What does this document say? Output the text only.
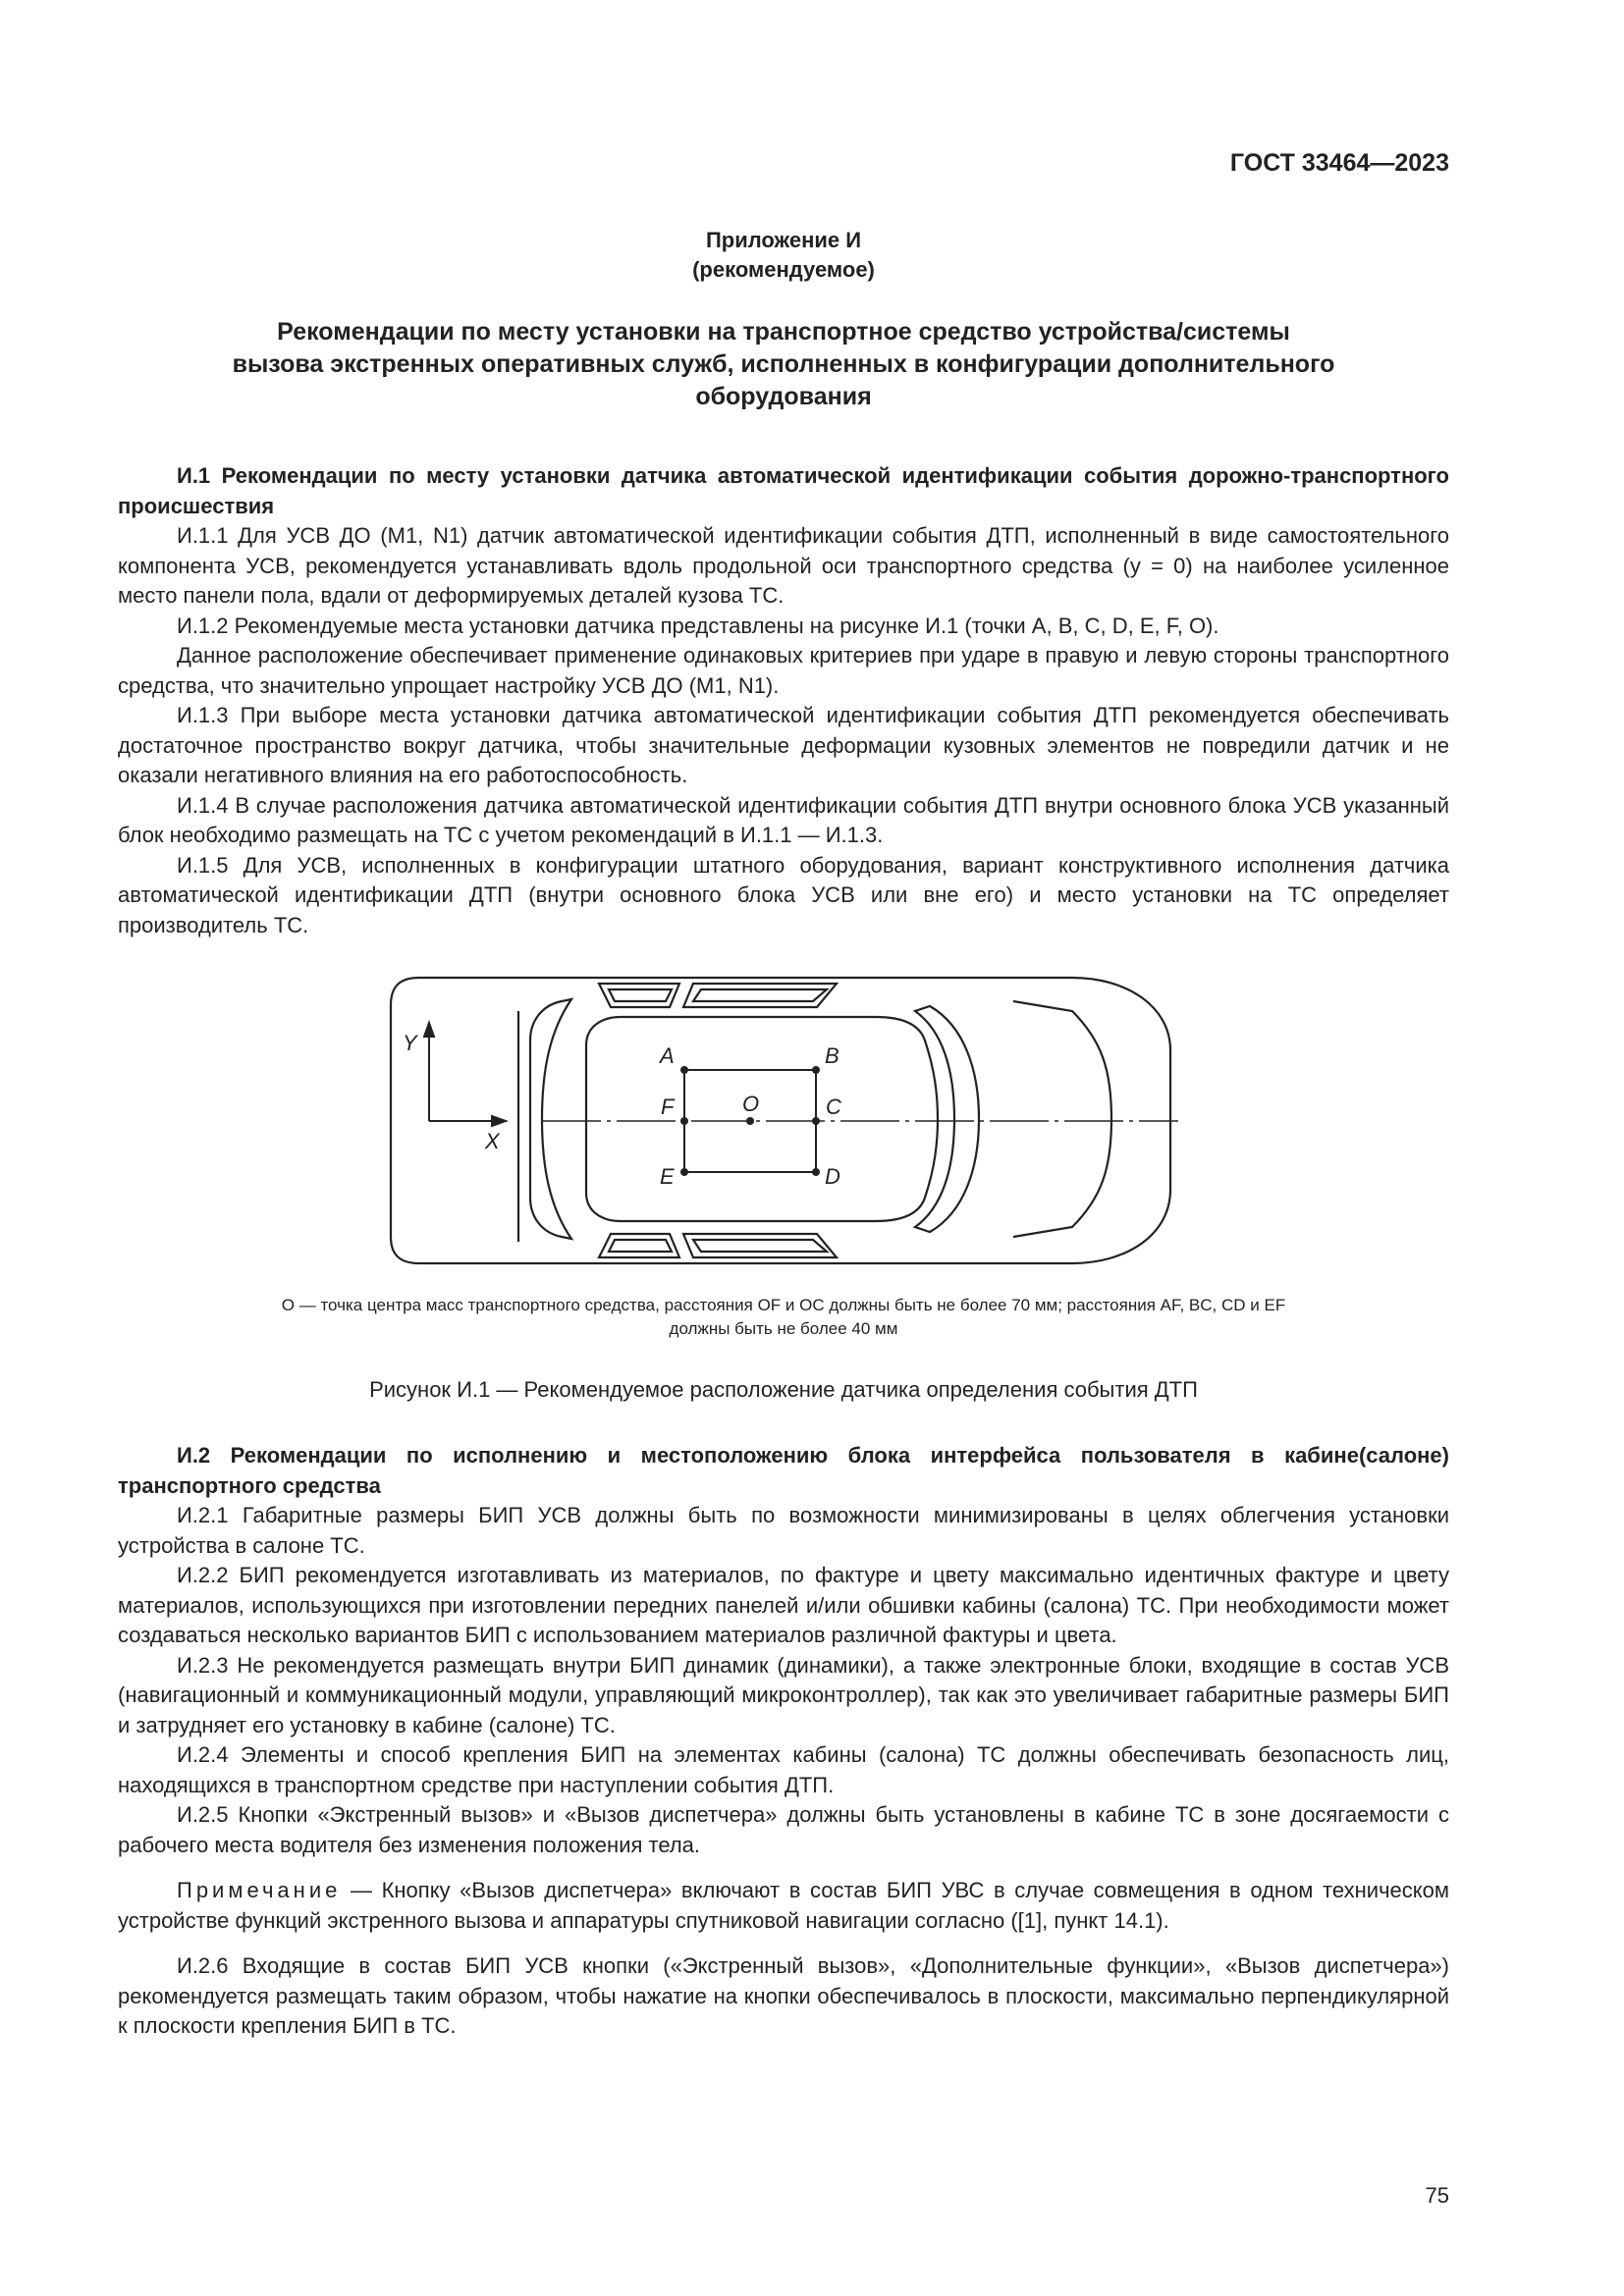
ГОСТ 33464—2023
Приложение И
(рекомендуемое)
Рекомендации по месту установки на транспортное средство устройства/системы
вызова экстренных оперативных служб, исполненных в конфигурации дополнительного
оборудования

И.1 Рекомендации по месту установки датчика автоматической идентификации события дорожно-транспортного происшествия

И.1.1 Для УСВ ДО (М1, N1) датчик автоматической идентификации события ДТП, исполненный в виде самостоятельного компонента УСВ, рекомендуется устанавливать вдоль продольной оси транспортного средства (y = 0) на наиболее усиленное место панели пола, вдали от деформируемых деталей кузова ТС.

И.1.2 Рекомендуемые места установки датчика представлены на рисунке И.1 (точки A, B, C, D, E, F, O).

Данное расположение обеспечивает применение одинаковых критериев при ударе в правую и левую стороны транспортного средства, что значительно упрощает настройку УСВ ДО (М1, N1).

И.1.3 При выборе места установки датчика автоматической идентификации события ДТП рекомендуется обеспечивать достаточное пространство вокруг датчика, чтобы значительные деформации кузовных элементов не повредили датчик и не оказали негативного влияния на его работоспособность.

И.1.4 В случае расположения датчика автоматической идентификации события ДТП внутри основного блока УСВ указанный блок необходимо размещать на ТС с учетом рекомендаций в И.1.1 — И.1.3.

И.1.5 Для УСВ, исполненных в конфигурации штатного оборудования, вариант конструктивного исполнения датчика автоматической идентификации ДТП (внутри основного блока УСВ или вне его) и место установки на ТС определяет производитель ТС.

Y
X
A	B
F	O	C
E	D
O — точка центра масс транспортного средства, расстояния OF и OC должны быть не более 70 мм; расстояния AF, BC, CD и EF
должны быть не более 40 мм
Рисунок И.1 — Рекомендуемое расположение датчика определения события ДТП

И.2 Рекомендации по исполнению и местоположению блока интерфейса пользователя в кабине(салоне) транспортного средства

И.2.1 Габаритные размеры БИП УСВ должны быть по возможности минимизированы в целях облегчения установки устройства в салоне ТС.

И.2.2 БИП рекомендуется изготавливать из материалов, по фактуре и цвету максимально идентичных фактуре и цвету материалов, использующихся при изготовлении передних панелей и/или обшивки кабины (салона) ТС. При необходимости может создаваться несколько вариантов БИП с использованием материалов различной фактуры и цвета.

И.2.3 Не рекомендуется размещать внутри БИП динамик (динамики), а также электронные блоки, входящие в состав УСВ (навигационный и коммуникационный модули, управляющий микроконтроллер), так как это увеличивает габаритные размеры БИП и затрудняет его установку в кабине (салоне) ТС.

И.2.4 Элементы и способ крепления БИП на элементах кабины (салона) ТС должны обеспечивать безопасность лиц, находящихся в транспортном средстве при наступлении события ДТП.

И.2.5 Кнопки «Экстренный вызов» и «Вызов диспетчера» должны быть установлены в кабине ТС в зоне досягаемости с рабочего места водителя без изменения положения тела.

Примечание — Кнопку «Вызов диспетчера» включают в состав БИП УВС в случае совмещения в одном техническом устройстве функций экстренного вызова и аппаратуры спутниковой навигации согласно ([1], пункт 14.1).

И.2.6 Входящие в состав БИП УСВ кнопки («Экстренный вызов», «Дополнительные функции», «Вызов диспетчера») рекомендуется размещать таким образом, чтобы нажатие на кнопки обеспечивалось в плоскости, максимально перпендикулярной к плоскости крепления БИП в ТС.

75
